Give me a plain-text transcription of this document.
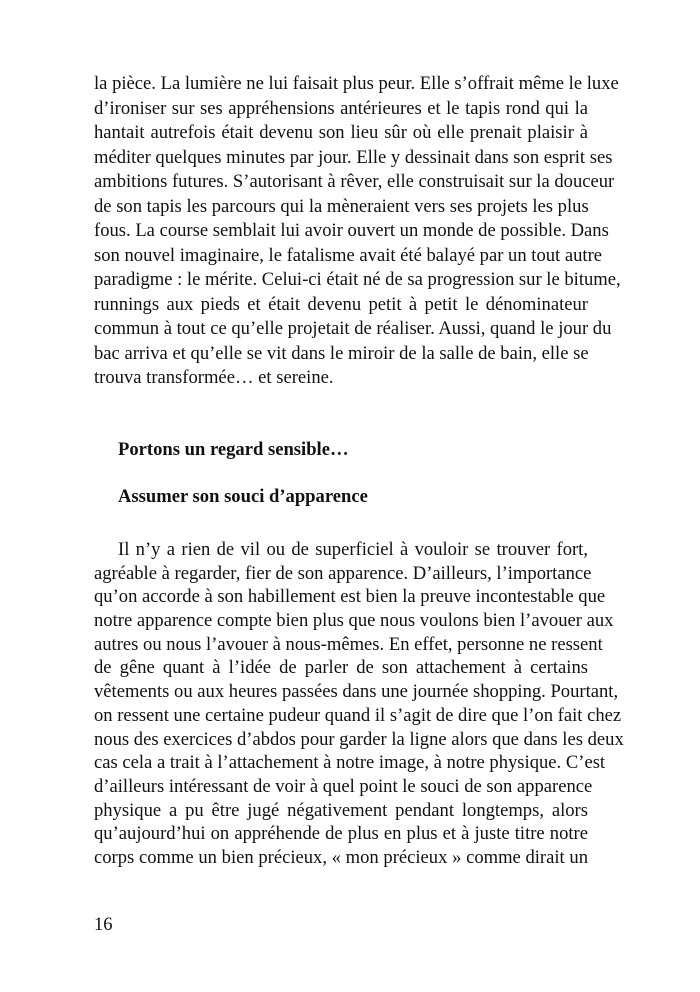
la pièce. La lumière ne lui faisait plus peur. Elle s’offrait même le luxe
d’ironiser sur ses appréhensions antérieures et le tapis rond qui la
hantait autrefois était devenu son lieu sûr où elle prenait plaisir à
méditer quelques minutes par jour. Elle y dessinait dans son esprit ses
ambitions futures. S’autorisant à rêver, elle construisait sur la douceur
de son tapis les parcours qui la mèneraient vers ses projets les plus
fous. La course semblait lui avoir ouvert un monde de possible. Dans
son nouvel imaginaire, le fatalisme avait été balayé par un tout autre
paradigme : le mérite. Celui-ci était né de sa progression sur le bitume,
runnings aux pieds et était devenu petit à petit le dénominateur
commun à tout ce qu’elle projetait de réaliser. Aussi, quand le jour du
bac arriva et qu’elle se vit dans le miroir de la salle de bain, elle se
trouva transformée… et sereine.
Portons un regard sensible…
Assumer son souci d’apparence
Il n’y a rien de vil ou de superficiel à vouloir se trouver fort,
agréable à regarder, fier de son apparence. D’ailleurs, l’importance
qu’on accorde à son habillement est bien la preuve incontestable que
notre apparence compte bien plus que nous voulons bien l’avouer aux
autres ou nous l’avouer à nous-mêmes. En effet, personne ne ressent
de gêne quant à l’idée de parler de son attachement à certains
vêtements ou aux heures passées dans une journée shopping. Pourtant,
on ressent une certaine pudeur quand il s’agit de dire que l’on fait chez
nous des exercices d’abdos pour garder la ligne alors que dans les deux
cas cela a trait à l’attachement à notre image, à notre physique. C’est
d’ailleurs intéressant de voir à quel point le souci de son apparence
physique a pu être jugé négativement pendant longtemps, alors
qu’aujourd’hui on appréhende de plus en plus et à juste titre notre
corps comme un bien précieux, « mon précieux » comme dirait un
16
